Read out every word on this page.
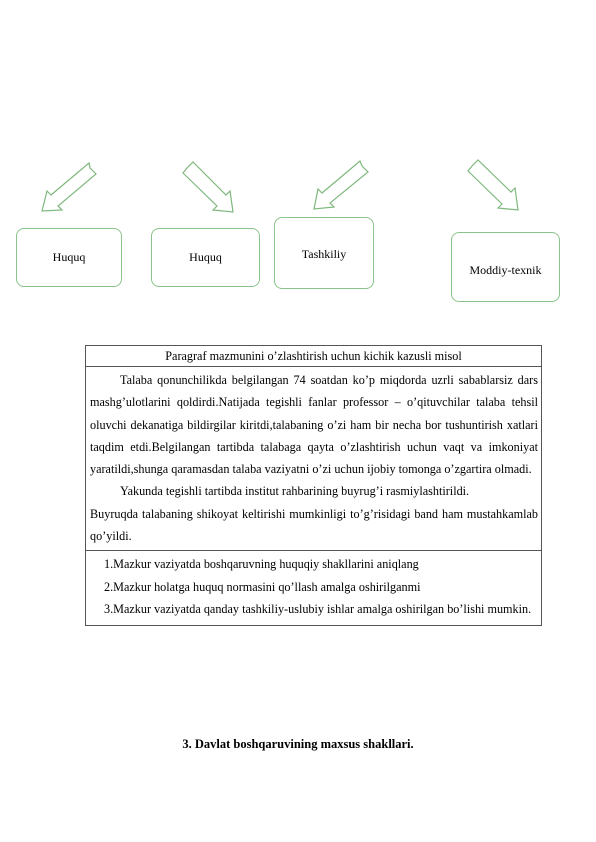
Huquq	Huquq	Tashkiliy
Moddiy-texnik
Paragraf mazmunini o’zlashtirish uchun kichik kazusli misol

Talaba qonunchilikda belgilangan 74 soatdan ko’p miqdorda uzrli sabablarsiz dars mashg’ulotlarini qoldirdi.Natijada tegishli fanlar professor – o’qituvchilar talaba tehsil oluvchi dekanatiga bildirgilar kiritdi,talabaning o’zi ham bir necha bor tushuntirish xatlari taqdim etdi.Belgilangan tartibda talabaga qayta o’zlashtirish uchun vaqt va imkoniyat yaratildi,shunga qaramasdan talaba vaziyatni o’zi uchun ijobiy tomonga o’zgartira olmadi.

Yakunda tegishli tartibda institut rahbarining buyrug’i rasmiylashtirildi.

Buyruqda talabaning shikoyat keltirishi mumkinligi to’g’risidagi band ham mustahkamlab qo’yildi.

1.Mazkur vaziyatda boshqaruvning huquqiy shakllarini aniqlang

2.Mazkur holatga huquq normasini qo’llash amalga oshirilganmi

3.Mazkur vaziyatda qanday tashkiliy-uslubiy ishlar amalga oshirilgan bo’lishi mumkin.

3. Davlat boshqaruvining maxsus shakllari.
